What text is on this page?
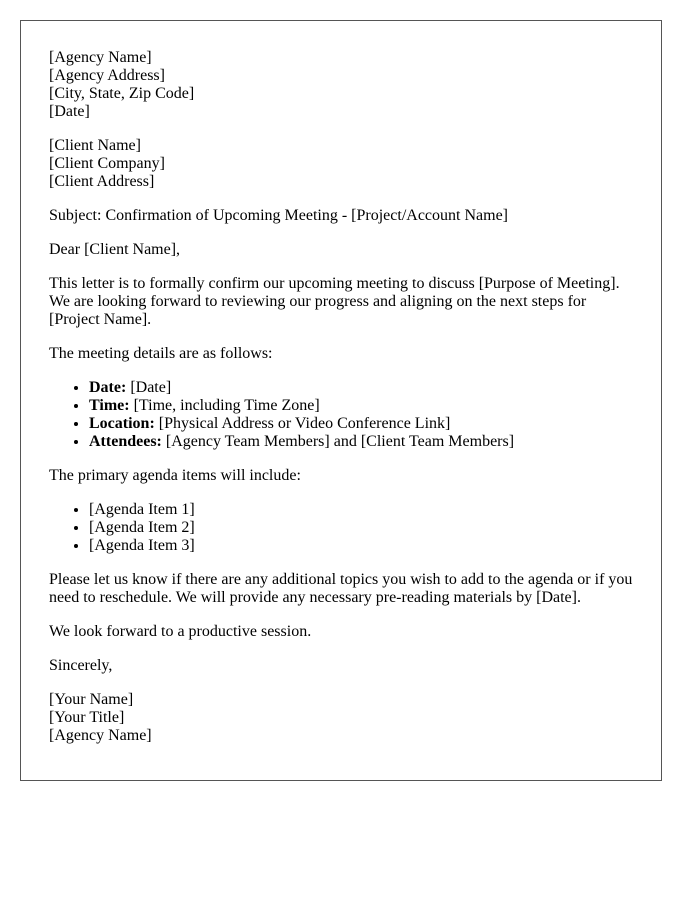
[Agency Name]
[Agency Address]
[City, State, Zip Code]
[Date]
[Client Name]
[Client Company]
[Client Address]

Subject: Confirmation of Upcoming Meeting - [Project/Account Name]

Dear [Client Name],

This letter is to formally confirm our upcoming meeting to discuss [Purpose of Meeting]. We are looking forward to reviewing our progress and aligning on the next steps for [Project Name].

The meeting details are as follows:

• Date: [Date]
• Time: [Time, including Time Zone]
• Location: [Physical Address or Video Conference Link]
• Attendees: [Agency Team Members] and [Client Team Members]

The primary agenda items will include:

• [Agenda Item 1]
• [Agenda Item 2]
• [Agenda Item 3]

Please let us know if there are any additional topics you wish to add to the agenda or if you need to reschedule. We will provide any necessary pre-reading materials by [Date].

We look forward to a productive session.

Sincerely,

[Your Name]
[Your Title]
[Agency Name]
